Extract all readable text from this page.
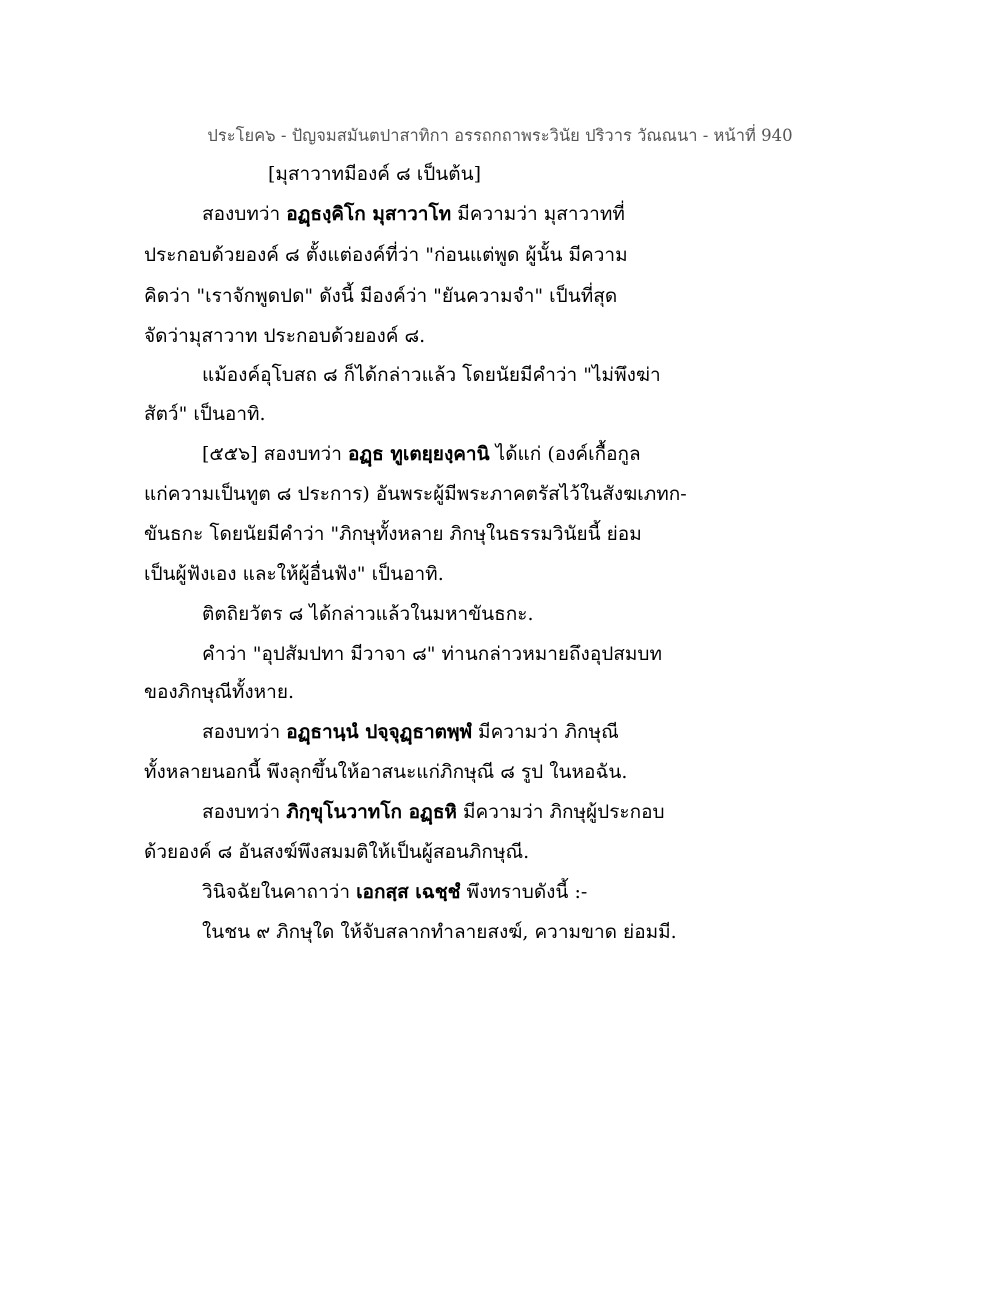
ประโยค๖ - ปัญจมสมันตปาสาทิกา อรรถกถาพระวินัย ปริวาร วัณณนา - หน้าที่ 940
[มุสาวาทมีองค์ ๘ เป็นต้น]
สองบทว่า อฏฺธงฺคิโก มุสาวาโท มีความว่า มุสาวาทที่
ประกอบด้วยองค์ ๘ ตั้งแต่องค์ที่ว่า "ก่อนแต่พูด ผู้นั้น มีความ
คิดว่า "เราจักพูดปด" ดังนี้ มีองค์ว่า "ยันความจำ" เป็นที่สุด
จัดว่ามุสาวาท ประกอบด้วยองค์ ๘.
แม้องค์อุโบสถ ๘ ก็ได้กล่าวแล้ว โดยนัยมีคำว่า "ไม่พึงฆ่า
สัตว์" เป็นอาทิ.
[๕๕๖] สองบทว่า อฏฺธ ทูเตยฺยงฺคานิ ได้แก่ (องค์เกื้อกูล
แก่ความเป็นทูต ๘ ประการ) อันพระผู้มีพระภาคตรัสไว้ในสังฆเภทก-
ขันธกะ โดยนัยมีคำว่า "ภิกษุทั้งหลาย ภิกษุในธรรมวินัยนี้ ย่อม
เป็นผู้ฟังเอง และให้ผู้อื่นฟัง" เป็นอาทิ.
ติตถิยวัตร ๘ ได้กล่าวแล้วในมหาขันธกะ.
คำว่า "อุปสัมปทา มีวาจา ๘" ท่านกล่าวหมายถึงอุปสมบท
ของภิกษุณีทั้งหาย.
สองบทว่า อฏฺธานฺนํ ปจฺจุฏฺธาตพฺพํ มีความว่า ภิกษุณี
ทั้งหลายนอกนี้ พึงลุกขึ้นให้อาสนะแก่ภิกษุณี ๘ รูป ในหอฉัน.
สองบทว่า ภิกฺขุโนวาทโก อฏฺธหิ มีความว่า ภิกษุผู้ประกอบ
ด้วยองค์ ๘ อันสงฆ์พึงสมมติให้เป็นผู้สอนภิกษุณี.
วินิจฉัยในคาถาว่า เอกสฺส เฉชฺชํ พึงทราบดังนี้ :-
ในชน ๙ ภิกษุใด ให้จับสลากทำลายสงฆ์, ความขาด ย่อมมี.
